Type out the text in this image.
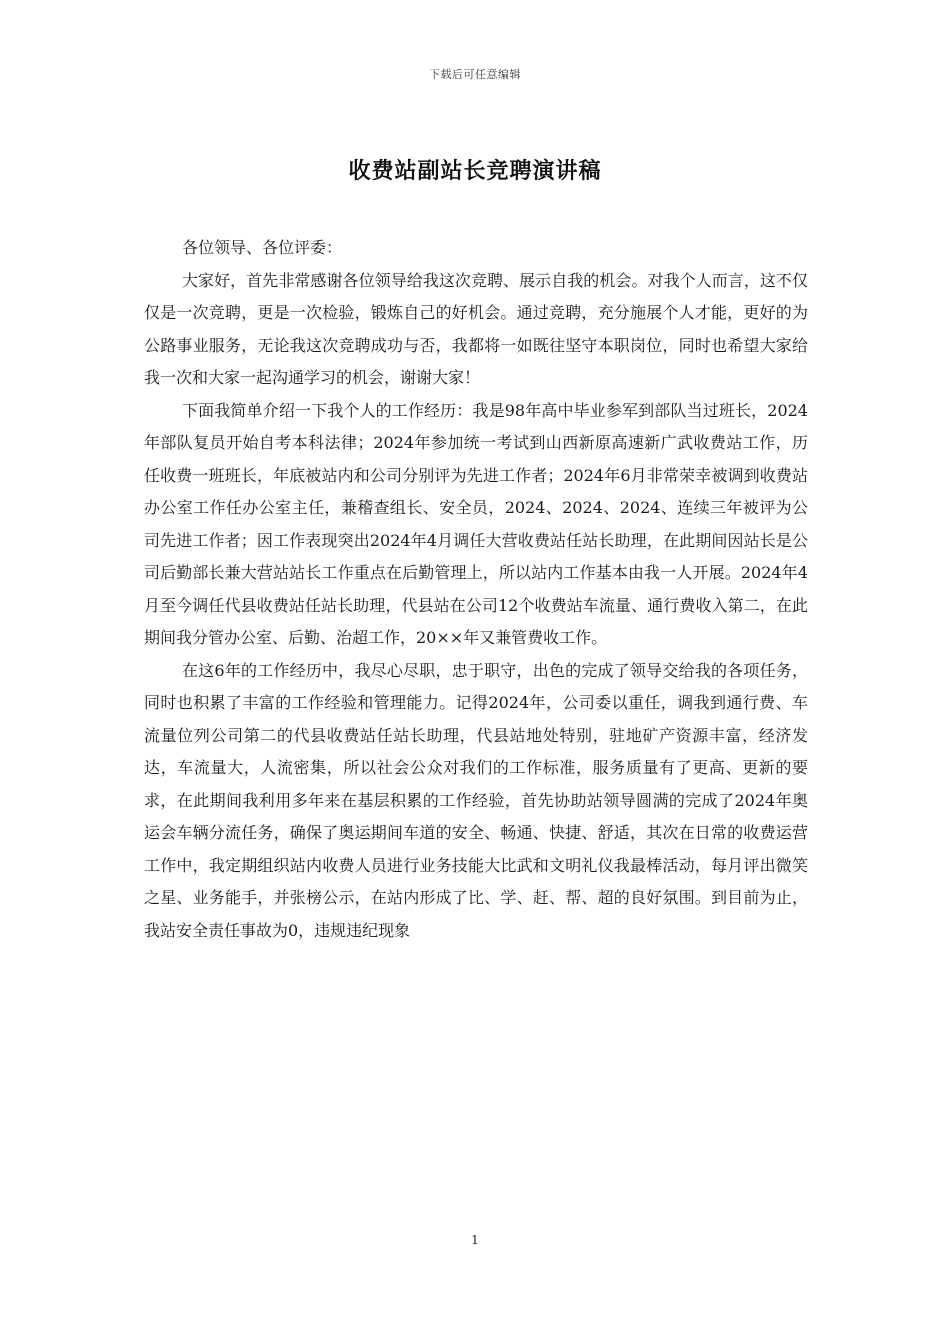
下载后可任意编辑
收费站副站长竞聘演讲稿

各位领导、各位评委：

大家好，首先非常感谢各位领导给我这次竞聘、展示自我的机会。对我个人而言，这不仅仅是一次竞聘，更是一次检验，锻炼自己的好机会。通过竞聘，充分施展个人才能，更好的为公路事业服务，无论我这次竞聘成功与否，我都将一如既往坚守本职岗位，同时也希望大家给我一次和大家一起沟通学习的机会，谢谢大家！

下面我简单介绍一下我个人的工作经历：我是98年高中毕业参军到部队当过班长，2024年部队复员开始自考本科法律；2024年参加统一考试到山西新原高速新广武收费站工作，历任收费一班班长，年底被站内和公司分别评为先进工作者；2024年6月非常荣幸被调到收费站办公室工作任办公室主任，兼稽查组长、安全员，2024、2024、2024、连续三年被评为公司先进工作者；因工作表现突出2024年4月调任大营收费站任站长助理，在此期间因站长是公司后勤部长兼大营站站长工作重点在后勤管理上，所以站内工作基本由我一人开展。2024年4月至今调任代县收费站任站长助理，代县站在公司12个收费站车流量、通行费收入第二，在此期间我分管办公室、后勤、治超工作，20××年又兼管费收工作。

在这6年的工作经历中，我尽心尽职，忠于职守，出色的完成了领导交给我的各项任务，同时也积累了丰富的工作经验和管理能力。记得2024年，公司委以重任，调我到通行费、车流量位列公司第二的代县收费站任站长助理，代县站地处特别，驻地矿产资源丰富，经济发达，车流量大，人流密集，所以社会公众对我们的工作标准，服务质量有了更高、更新的要求，在此期间我利用多年来在基层积累的工作经验，首先协助站领导圆满的完成了2024年奥运会车辆分流任务，确保了奥运期间车道的安全、畅通、快捷、舒适，其次在日常的收费运营工作中，我定期组织站内收费人员进行业务技能大比武和文明礼仪我最棒活动，每月评出微笑之星、业务能手，并张榜公示，在站内形成了比、学、赶、帮、超的良好氛围。到目前为止，我站安全责任事故为0，违规违纪现象

1
